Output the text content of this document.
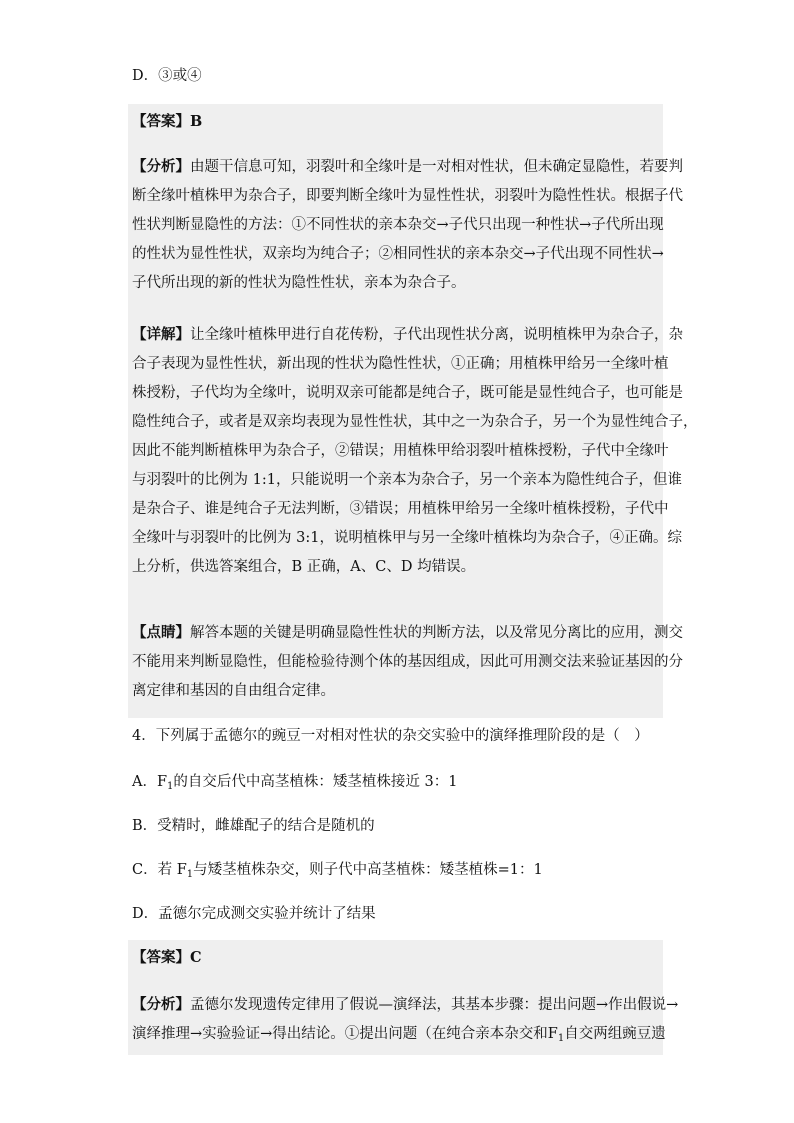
D．③或④
【答案】B
【分析】由题干信息可知，羽裂叶和全缘叶是一对相对性状，但未确定显隐性，若要判
断全缘叶植株甲为杂合子，即要判断全缘叶为显性性状，羽裂叶为隐性性状。根据子代
性状判断显隐性的方法：①不同性状的亲本杂交→子代只出现一种性状→子代所出现
的性状为显性性状，双亲均为纯合子；②相同性状的亲本杂交→子代出现不同性状→
子代所出现的新的性状为隐性性状，亲本为杂合子。
【详解】让全缘叶植株甲进行自花传粉，子代出现性状分离，说明植株甲为杂合子，杂
合子表现为显性性状，新出现的性状为隐性性状，①正确；用植株甲给另一全缘叶植
株授粉，子代均为全缘叶，说明双亲可能都是纯合子，既可能是显性纯合子，也可能是
隐性纯合子，或者是双亲均表现为显性性状，其中之一为杂合子，另一个为显性纯合子，
因此不能判断植株甲为杂合子，②错误；用植株甲给羽裂叶植株授粉，子代中全缘叶
与羽裂叶的比例为 1:1，只能说明一个亲本为杂合子，另一个亲本为隐性纯合子，但谁
是杂合子、谁是纯合子无法判断，③错误；用植株甲给另一全缘叶植株授粉，子代中
全缘叶与羽裂叶的比例为 3:1，说明植株甲与另一全缘叶植株均为杂合子，④正确。综
上分析，供选答案组合，B 正确，A、C、D 均错误。
【点睛】解答本题的关键是明确显隐性性状的判断方法，以及常见分离比的应用，测交
不能用来判断显隐性，但能检验待测个体的基因组成，因此可用测交法来验证基因的分
离定律和基因的自由组合定律。
4．下列属于孟德尔的豌豆一对相对性状的杂交实验中的演绎推理阶段的是（　）
A．$F_1$的自交后代中高茎植株：矮茎植株接近 3：1
B．受精时，雌雄配子的结合是随机的
C．若 $F_1$与矮茎植株杂交，则子代中高茎植株：矮茎植株=1：1
D．孟德尔完成测交实验并统计了结果
【答案】C
【分析】孟德尔发现遗传定律用了假说—演绎法，其基本步骤：提出问题→作出假说→
演绎推理→实验验证→得出结论。①提出问题（在纯合亲本杂交和$F_1$自交两组豌豆遗
